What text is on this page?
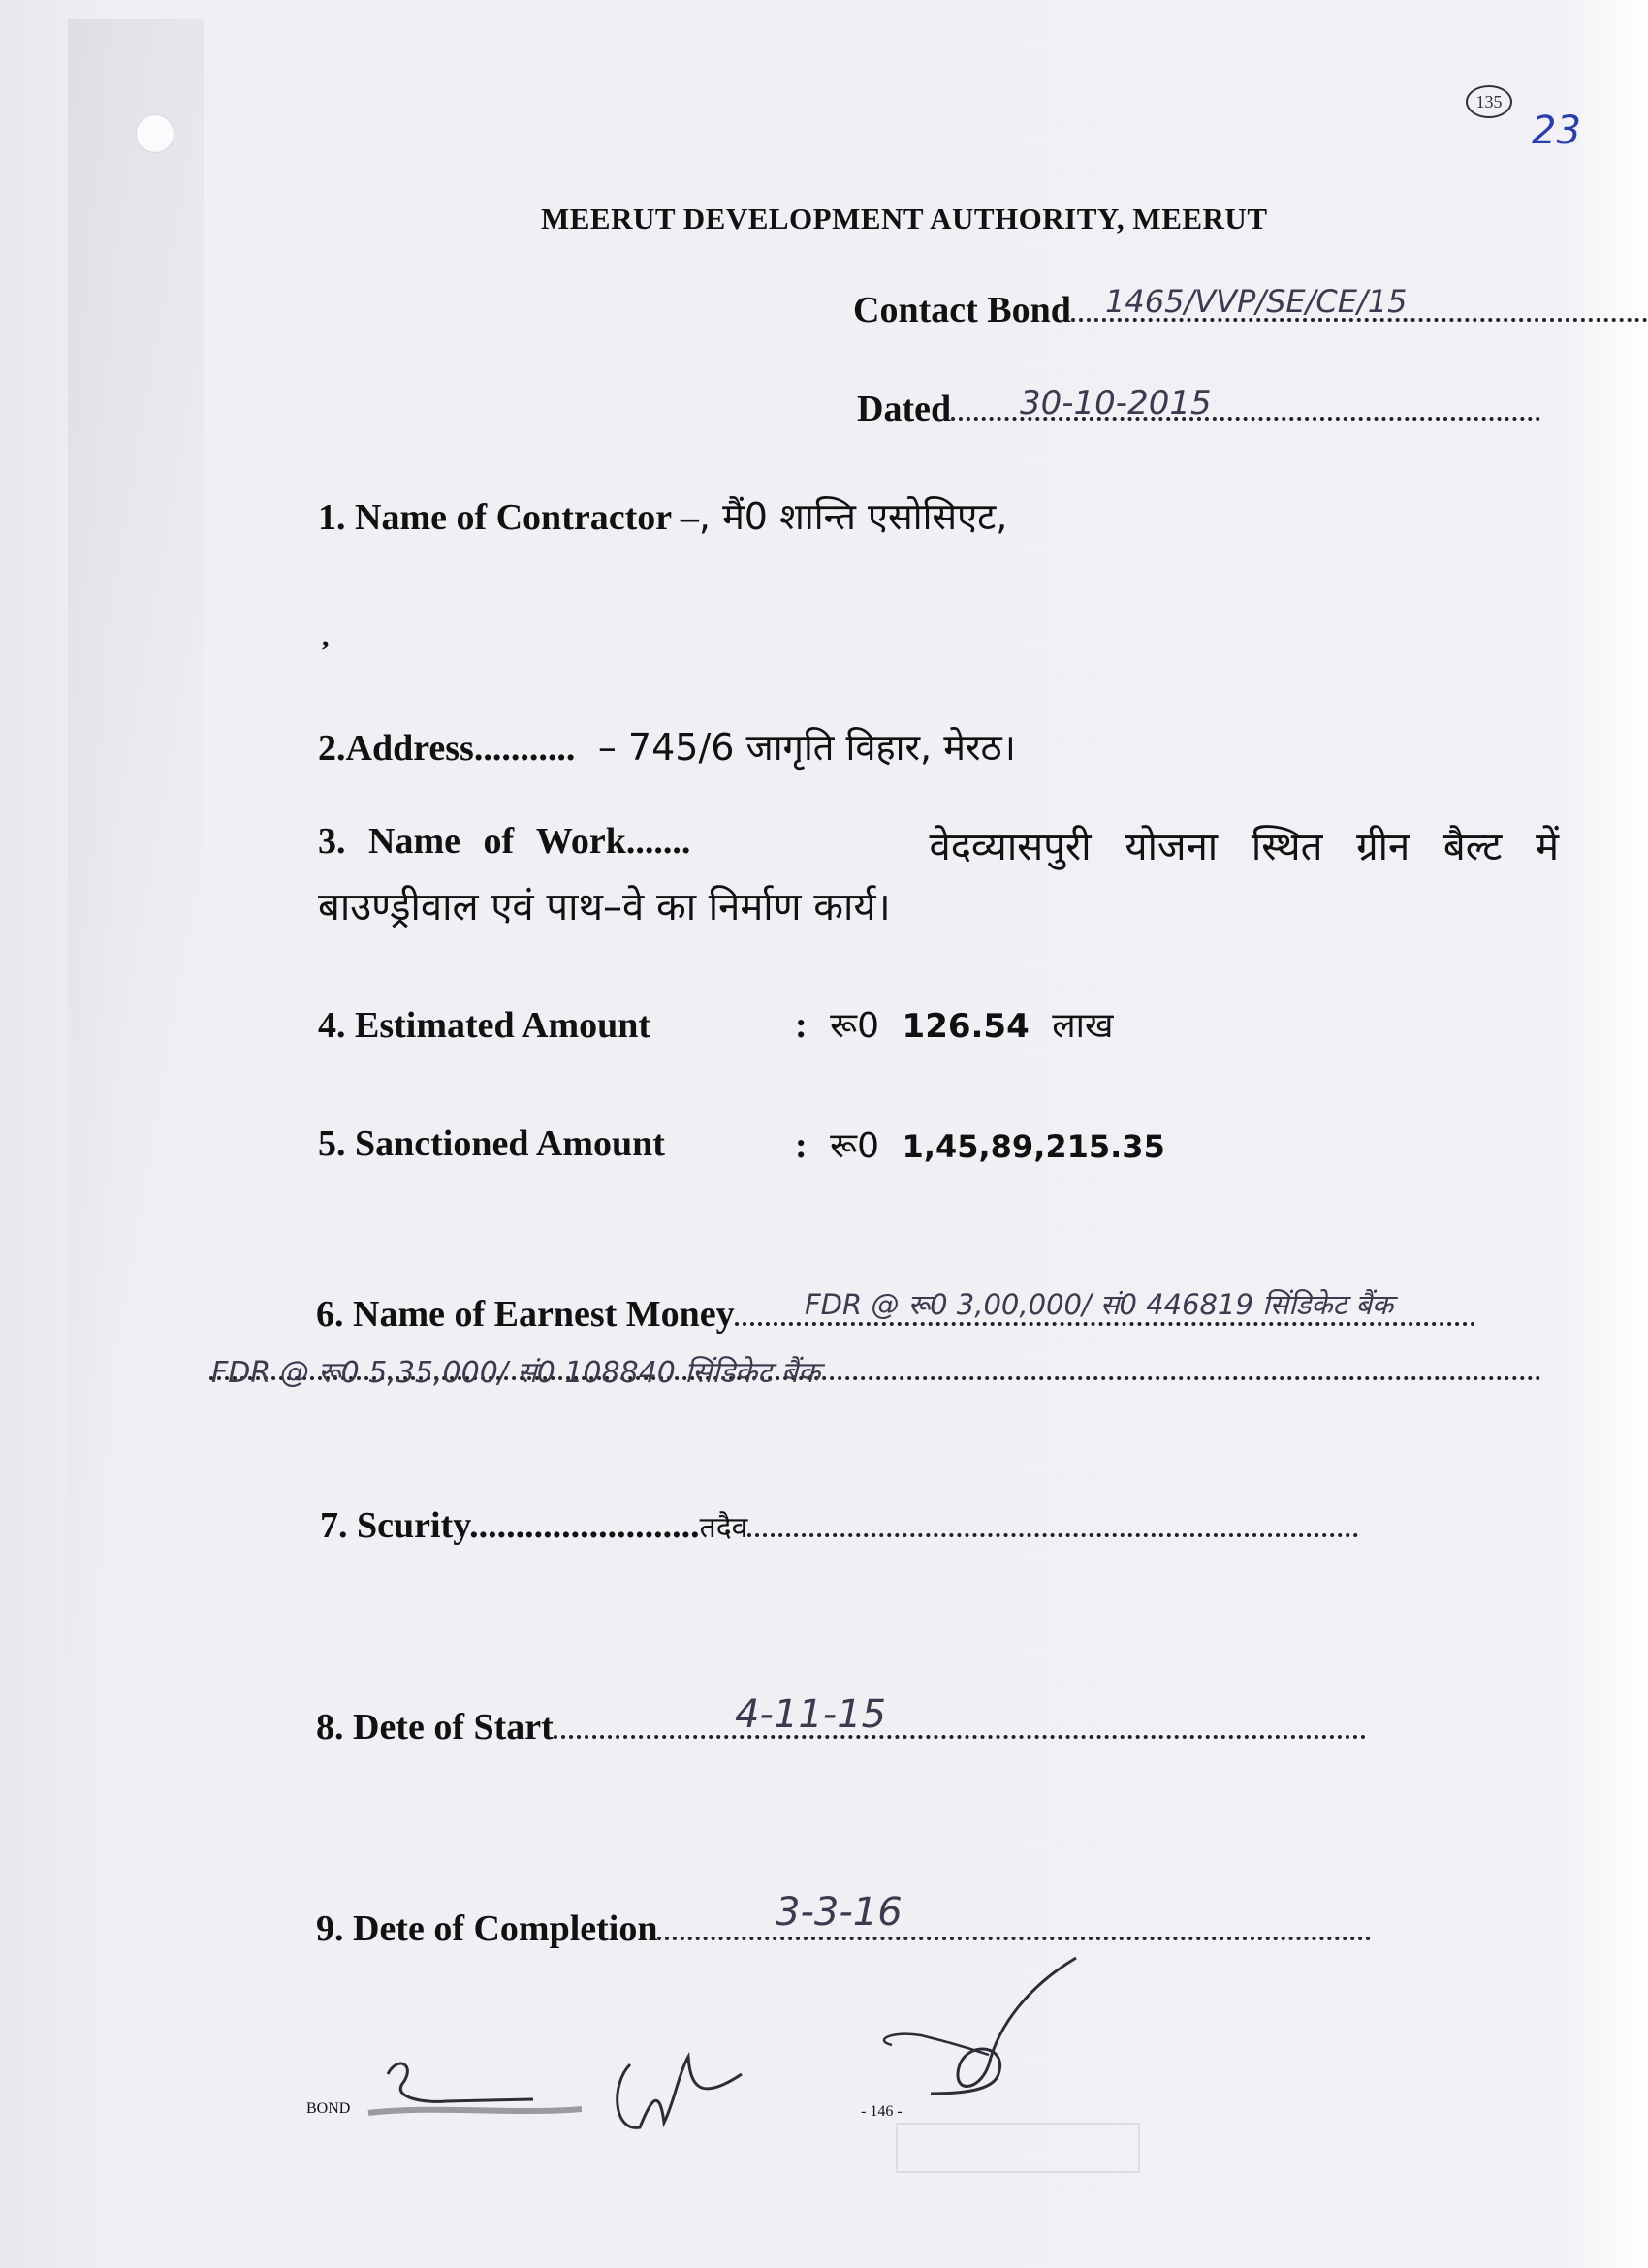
135
23
MEERUT DEVELOPMENT AUTHORITY, MEERUT
Contact Bond	1465/VVP/SE/CE/15
Dated	30-10-2015
1. Name of Contractor –, मैं0 शान्ति एसोसिएट,
,
2.Address........... – 745/6 जागृति विहार, मेरठ।
3. Name of Work.......	वेदव्यासपुरी योजना स्थित ग्रीन बैल्ट में
बाउण्ड्रीवाल एवं पाथ–वे का निर्माण कार्य।
4. Estimated Amount	: रू0 126.54 लाख
5. Sanctioned Amount	: रू0 1,45,89,215.35
6. Name of Earnest Money	FDR @ रू0 3,00,000/ सं0 446819 सिंडिकेट बैंक
FDR @ रू0 5,35,000/ सं0 108840 सिंडिकेट बैंक
7. Scurity.........................तदैव
8. Dete of Start	4-11-15
9. Dete of Completion	3-3-16
BOND	- 146 -
